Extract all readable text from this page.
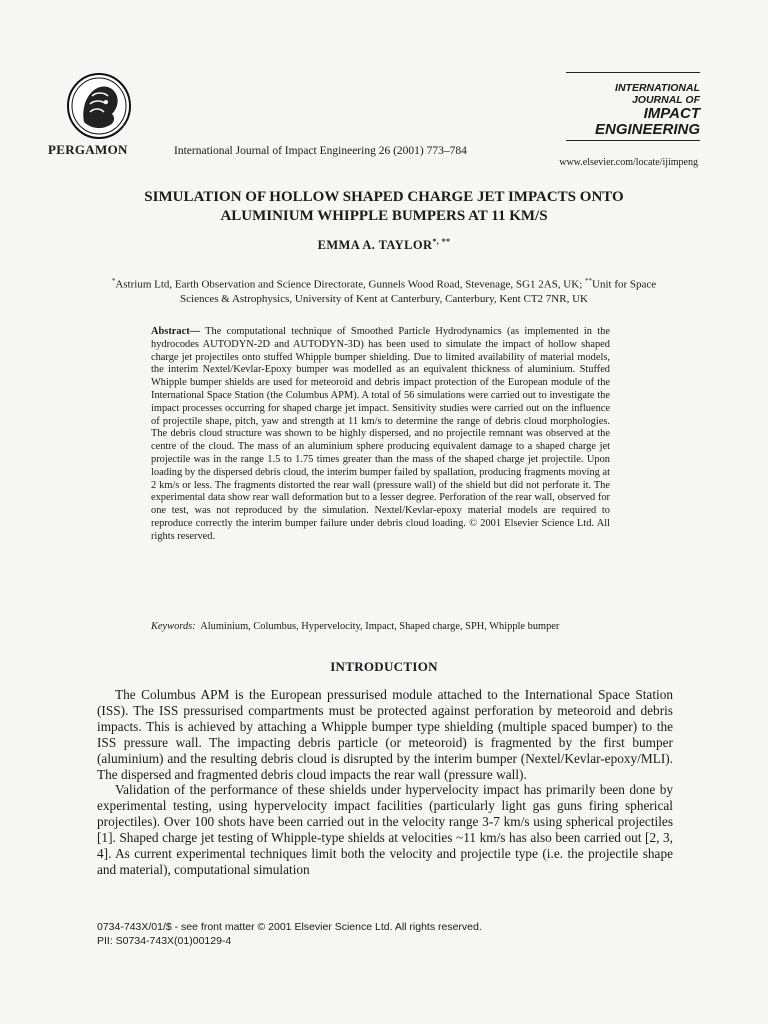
PERGAMON	International Journal of Impact Engineering 26 (2001) 773–784
INTERNATIONAL
JOURNAL OF
IMPACT
ENGINEERING
www.elsevier.com/locate/ijimpeng
SIMULATION OF HOLLOW SHAPED CHARGE JET IMPACTS ONTO
ALUMINIUM WHIPPLE BUMPERS AT 11 KM/S
EMMA A. TAYLOR*, **
*Astrium Ltd, Earth Observation and Science Directorate, Gunnels Wood Road, Stevenage, SG1 2AS, UK; **Unit for Space Sciences & Astrophysics, University of Kent at Canterbury, Canterbury, Kent CT2 7NR, UK
Abstract— The computational technique of Smoothed Particle Hydrodynamics (as implemented in the hydrocodes AUTODYN-2D and AUTODYN-3D) has been used to simulate the impact of hollow shaped charge jet projectiles onto stuffed Whipple bumper shielding. Due to limited availability of material models, the interim Nextel/Kevlar-Epoxy bumper was modelled as an equivalent thickness of aluminium. Stuffed Whipple bumper shields are used for meteoroid and debris impact protection of the European module of the International Space Station (the Columbus APM). A total of 56 simulations were carried out to investigate the impact processes occurring for shaped charge jet impact. Sensitivity studies were carried out on the influence of projectile shape, pitch, yaw and strength at 11 km/s to determine the range of debris cloud morphologies. The debris cloud structure was shown to be highly dispersed, and no projectile remnant was observed at the centre of the cloud. The mass of an aluminium sphere producing equivalent damage to a shaped charge jet projectile was in the range 1.5 to 1.75 times greater than the mass of the shaped charge jet projectile. Upon loading by the dispersed debris cloud, the interim bumper failed by spallation, producing fragments moving at 2 km/s or less. The fragments distorted the rear wall (pressure wall) of the shield but did not perforate it. The experimental data show rear wall deformation but to a lesser degree. Perforation of the rear wall, observed for one test, was not reproduced by the simulation. Nextel/Kevlar-epoxy material models are required to reproduce correctly the interim bumper failure under debris cloud loading. © 2001 Elsevier Science Ltd. All rights reserved.
Keywords: Aluminium, Columbus, Hypervelocity, Impact, Shaped charge, SPH, Whipple bumper
INTRODUCTION

The Columbus APM is the European pressurised module attached to the International Space Station (ISS). The ISS pressurised compartments must be protected against perforation by meteoroid and debris impacts. This is achieved by attaching a Whipple bumper type shielding (multiple spaced bumper) to the ISS pressure wall. The impacting debris particle (or meteoroid) is fragmented by the first bumper (aluminium) and the resulting debris cloud is disrupted by the interim bumper (Nextel/Kevlar-epoxy/MLI). The dispersed and fragmented debris cloud impacts the rear wall (pressure wall).

Validation of the performance of these shields under hypervelocity impact has primarily been done by experimental testing, using hypervelocity impact facilities (particularly light gas guns firing spherical projectiles). Over 100 shots have been carried out in the velocity range 3-7 km/s using spherical projectiles [1]. Shaped charge jet testing of Whipple-type shields at velocities ~11 km/s has also been carried out [2, 3, 4]. As current experimental techniques limit both the velocity and projectile type (i.e. the projectile shape and material), computational simulation

0734-743X/01/$ - see front matter © 2001 Elsevier Science Ltd. All rights reserved.
PII: S0734-743X(01)00129-4
